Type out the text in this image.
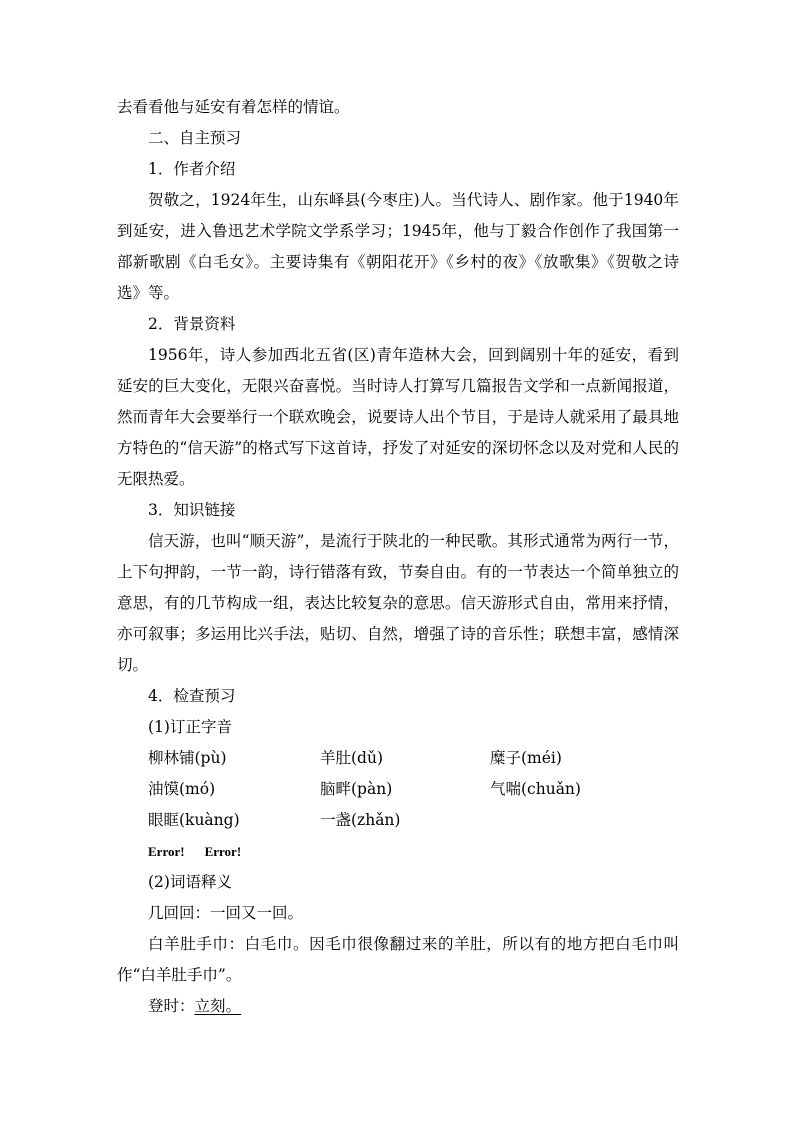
去看看他与延安有着怎样的情谊。
二、自主预习
1．作者介绍
贺敬之，1924年生，山东峄县(今枣庄)人。当代诗人、剧作家。他于1940年到延安，进入鲁迅艺术学院文学系学习；1945年，他与丁毅合作创作了我国第一部新歌剧《白毛女》。主要诗集有《朝阳花开》《乡村的夜》《放歌集》《贺敬之诗选》等。
2．背景资料
1956年，诗人参加西北五省(区)青年造林大会，回到阔别十年的延安，看到延安的巨大变化，无限兴奋喜悦。当时诗人打算写几篇报告文学和一点新闻报道，然而青年大会要举行一个联欢晚会，说要诗人出个节目，于是诗人就采用了最具地方特色的“信天游”的格式写下这首诗，抒发了对延安的深切怀念以及对党和人民的无限热爱。
3．知识链接
信天游，也叫“顺天游”，是流行于陕北的一种民歌。其形式通常为两行一节，上下句押韵，一节一韵，诗行错落有致，节奏自由。有的一节表达一个简单独立的意思，有的几节构成一组，表达比较复杂的意思。信天游形式自由，常用来抒情，亦可叙事；多运用比兴手法，贴切、自然，增强了诗的音乐性；联想丰富，感情深切。
4．检查预习
(1)订正字音
柳林铺(pù)	羊肚(dǔ)	糜子(méi)
油馍(mó)	脑畔(pàn)	气喘(chuǎn)
眼眶(kuàng)	一盏(zhǎn)
Error! Error!
(2)词语释义
几回回：一回又一回。
白羊肚手巾：白毛巾。因毛巾很像翻过来的羊肚，所以有的地方把白毛巾叫作“白羊肚手巾”。
登时：立刻。
